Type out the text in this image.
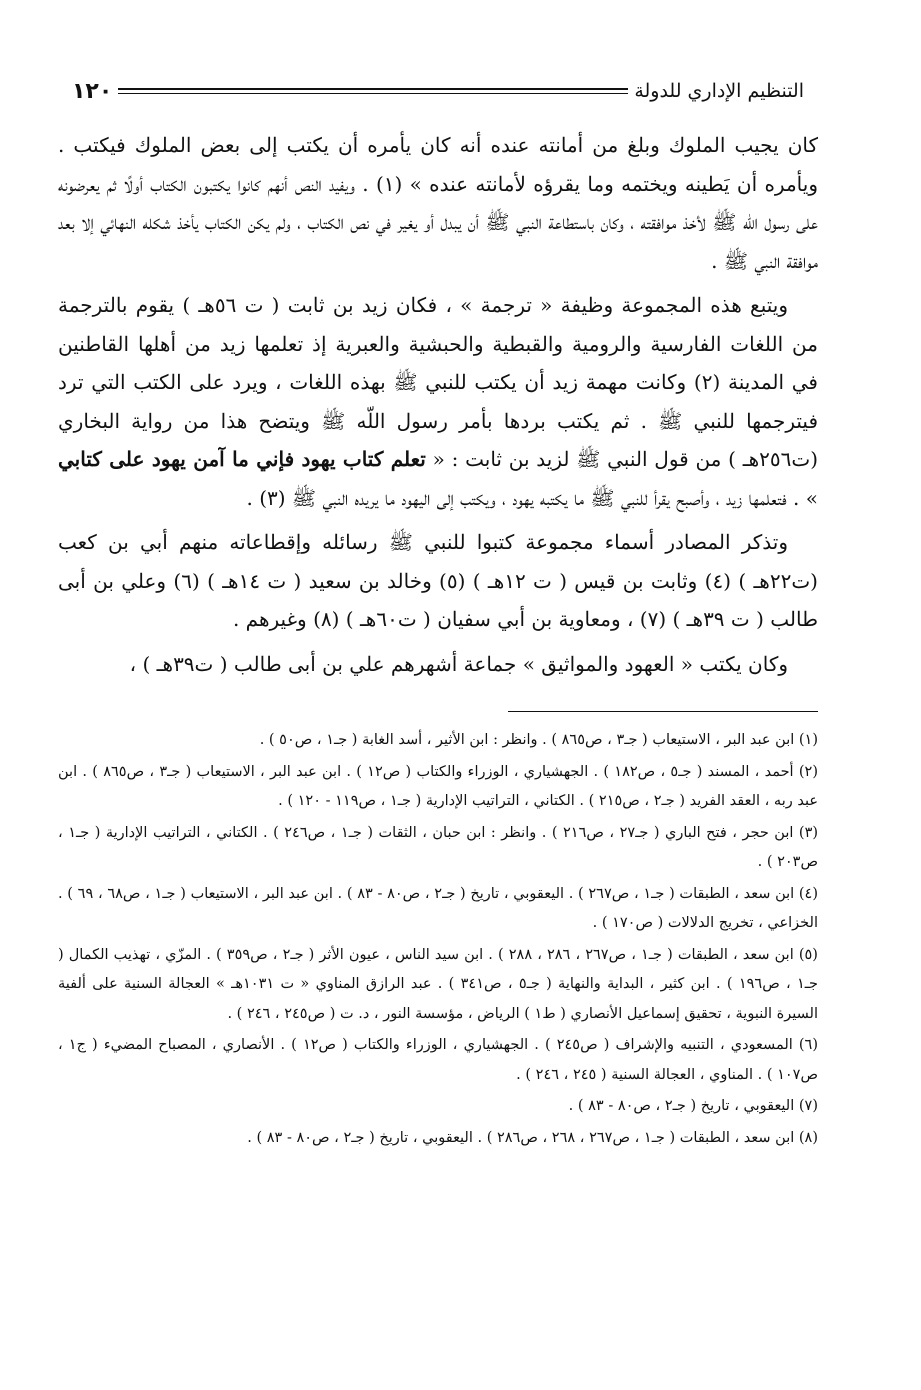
التنظيم الإداري للدولة
١٢٠

كان يجيب الملوك وبلغ من أمانته عنده أنه كان يأمره أن يكتب إلى بعض الملوك فيكتب . ويأمره أن يَطينه ويختمه وما يقرؤه لأمانته عنده » (١) . ويفيد النص أنهم كانوا يكتبون الكتاب أولًا ثم يعرضونه على رسول اللّه ﷺ لأخذ موافقته ، وكان باستطاعة النبي ﷺ أن يبدل أو يغير في نص الكتاب ، ولم يكن الكتاب يأخذ شكله النهائي إلا بعد موافقة النبي ﷺ .

ويتبع هذه المجموعة وظيفة « ترجمة » ، فكان زيد بن ثابت ( ت ٥٦هـ ) يقوم بالترجمة من اللغات الفارسية والرومية والقبطية والحبشية والعبرية إذ تعلمها زيد من أهلها القاطنين في المدينة (٢) وكانت مهمة زيد أن يكتب للنبي ﷺ بهذه اللغات ، ويرد على الكتب التي ترد فيترجمها للنبي ﷺ . ثم يكتب بردها بأمر رسول اللّه ﷺ ويتضح هذا من رواية البخاري (ت٢٥٦هـ ) من قول النبي ﷺ لزيد بن ثابت : « تعلم كتاب يهود فإني ما آمن يهود على كتابي » . فتعلمها زيد ، وأصبح يقرأ للنبي ﷺ ما يكتبه يهود ، ويكتب إلى اليهود ما يريده النبي ﷺ (٣) .

وتذكر المصادر أسماء مجموعة كتبوا للنبي ﷺ رسائله وإقطاعاته منهم أبي بن كعب (ت٢٢هـ ) (٤) وثابت بن قيس ( ت ١٢هـ ) (٥) وخالد بن سعيد ( ت ١٤هـ ) (٦) وعلي بن أبى طالب ( ت ٣٩هـ ) (٧) ، ومعاوية بن أبي سفيان ( ت٦٠هـ ) (٨) وغيرهم .

وكان يكتب « العهود والمواثيق » جماعة أشهرهم علي بن أبى طالب ( ت٣٩هـ ) ،

(١) ابن عبد البر ، الاستيعاب ( جـ٣ ، ص٨٦٥ ) . وانظر : ابن الأثير ، أسد الغابة ( جـ١ ، ص٥٠ ) .

(٢) أحمد ، المسند ( جـ٥ ، ص١٨٢ ) . الجهشياري ، الوزراء والكتاب ( ص١٢ ) . ابن عبد البر ، الاستيعاب ( جـ٣ ، ص٨٦٥ ) . ابن عبد ربه ، العقد الفريد ( جـ٢ ، ص٢١٥ ) . الكتاني ، التراتيب الإدارية ( جـ١ ، ص١١٩ - ١٢٠ ) .

(٣) ابن حجر ، فتح الباري ( جـ٢٧ ، ص٢١٦ ) . وانظر : ابن حبان ، الثقات ( جـ١ ، ص٢٤٦ ) . الكتاني ، التراتيب الإدارية ( جـ١ ، ص٢٠٣ ) .

(٤) ابن سعد ، الطبقات ( جـ١ ، ص٢٦٧ ) . اليعقوبي ، تاريخ ( جـ٢ ، ص٨٠ - ٨٣ ) . ابن عبد البر ، الاستيعاب ( جـ١ ، ص٦٨ ، ٦٩ ) . الخزاعي ، تخريج الدلالات ( ص١٧٠ ) .

(٥) ابن سعد ، الطبقات ( جـ١ ، ص٢٦٧ ، ٢٨٦ ، ٢٨٨ ) . ابن سيد الناس ، عيون الأثر ( جـ٢ ، ص٣٥٩ ) . المزّي ، تهذيب الكمال ( جـ١ ، ص١٩٦ ) . ابن كثير ، البداية والنهاية ( جـ٥ ، ص٣٤١ ) . عبد الرازق المناوي « ت ١٠٣١هـ » العجالة السنية على ألفية السيرة النبوية ، تحقيق إسماعيل الأنصاري ( ط١ ) الرياض ، مؤسسة النور ، د. ت ( ص٢٤٥ ، ٢٤٦ ) .

(٦) المسعودي ، التنبيه والإشراف ( ص٢٤٥ ) . الجهشياري ، الوزراء والكتاب ( ص١٢ ) . الأنصاري ، المصباح المضيء ( ج١ ، ص١٠٧ ) . المناوي ، العجالة السنية ( ٢٤٥ ، ٢٤٦ ) .

(٧) اليعقوبي ، تاريخ ( جـ٢ ، ص٨٠ - ٨٣ ) .

(٨) ابن سعد ، الطبقات ( جـ١ ، ص٢٦٧ ، ٢٦٨ ، ص٢٨٦ ) . اليعقوبي ، تاريخ ( جـ٢ ، ص٨٠ - ٨٣ ) .
